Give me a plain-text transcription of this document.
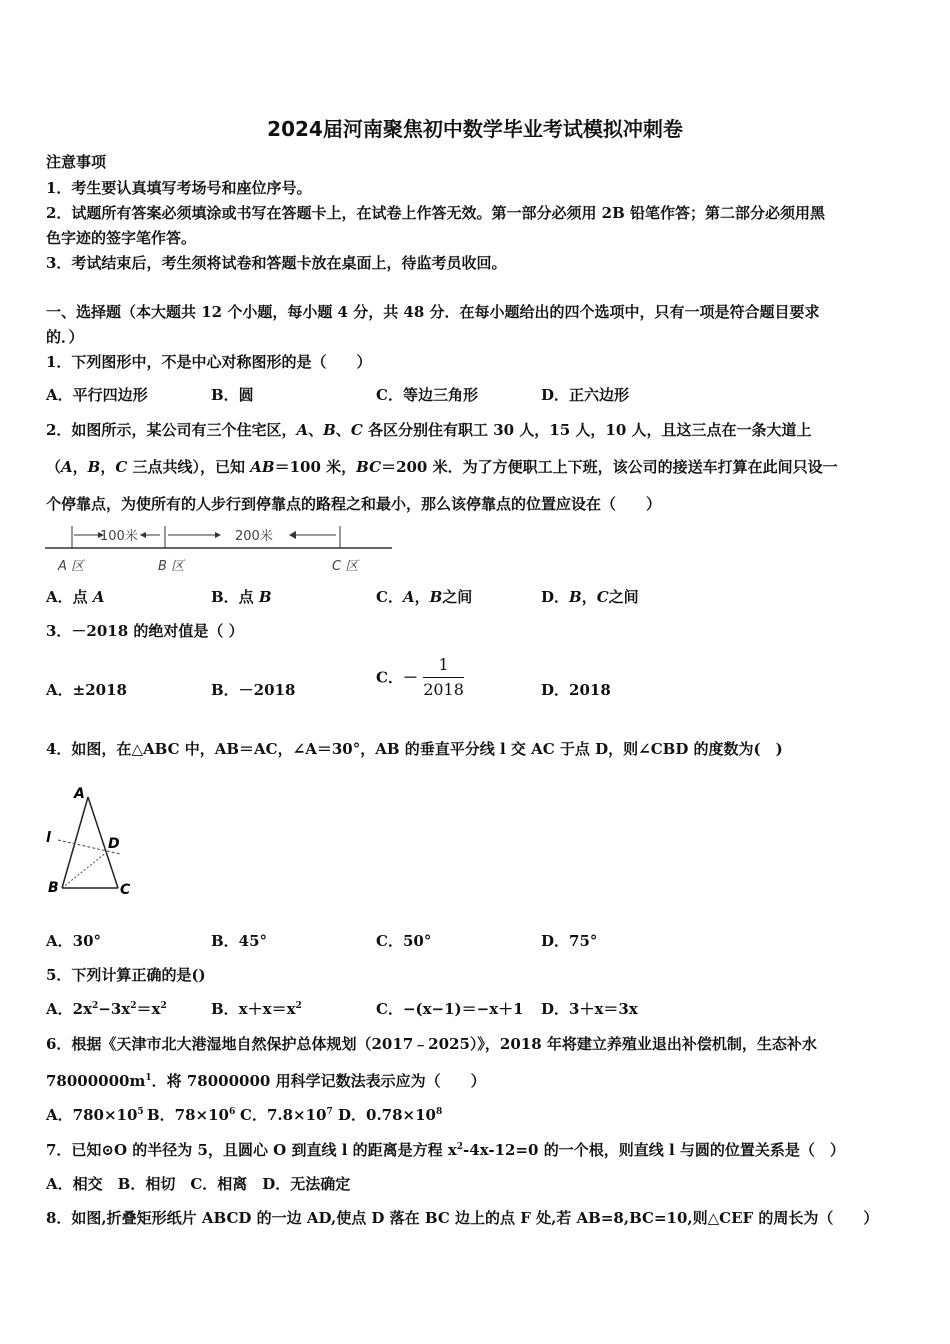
2024届河南聚焦初中数学毕业考试模拟冲刺卷
注意事项
1．考生要认真填写考场号和座位序号。
2．试题所有答案必须填涂或书写在答题卡上，在试卷上作答无效。第一部分必须用 2B 铅笔作答；第二部分必须用黑
色字迹的签字笔作答。
3．考试结束后，考生须将试卷和答题卡放在桌面上，待监考员收回。
一、选择题（本大题共 12 个小题，每小题 4 分，共 48 分．在每小题给出的四个选项中，只有一项是符合题目要求
的．）
1．下列图形中，不是中心对称图形的是（　　）
A．平行四边形	B．圆	C．等边三角形	D．正六边形
2．如图所示，某公司有三个住宅区，A、B、C 各区分别住有职工 30 人，15 人，10 人，且这三点在一条大道上
（A，B，C 三点共线），已知 AB＝100 米，BC＝200 米．为了方便职工上下班，该公司的接送车打算在此间只设一
个停靠点，为使所有的人步行到停靠点的路程之和最小，那么该停靠点的位置应设在（　　）
100米	200米
A 区	B 区	C 区
A．点 A	B．点 B	C．A，B之间	D．B，C之间
3．－2018 的绝对值是（ ）
A．±2018	B．－2018
C．－ $\frac{1}{2018}$	D．2018
4．如图，在△ABC 中，AB＝AC，∠A＝30°，AB 的垂直平分线 l 交 AC 于点 D，则∠CBD 的度数为(　)
A
B	C
D
l
A．30°	B．45°	C．50°	D．75°
5．下列计算正确的是()
A．$2x^2-3x^2=x^2$	B．$x+x=x^2$	C．−(x−1)＝−x＋1 D．3＋x＝3x
6．根据《天津市北大港湿地自然保护总体规划（2017﹣2025）》，2018 年将建立养殖业退出补偿机制，生态补水
$78000000m^1$．将 78000000 用科学记数法表示应为（　　）
A．$780\times 10^5$ B．$78\times 10^6$ C．$7.8\times 10^7$ D．$0.78\times 10^8$
7．已知⊙O 的半径为 5，且圆心 O 到直线 l 的距离是方程 $x^2-4x-12=0$ 的一个根，则直线 l 与圆的位置关系是（　）
A．相交　B．相切　C．相离　D．无法确定
8．如图,折叠矩形纸片 ABCD 的一边 AD,使点 D 落在 BC 边上的点 F 处,若 AB=8,BC=10,则△CEF 的周长为（　　）
